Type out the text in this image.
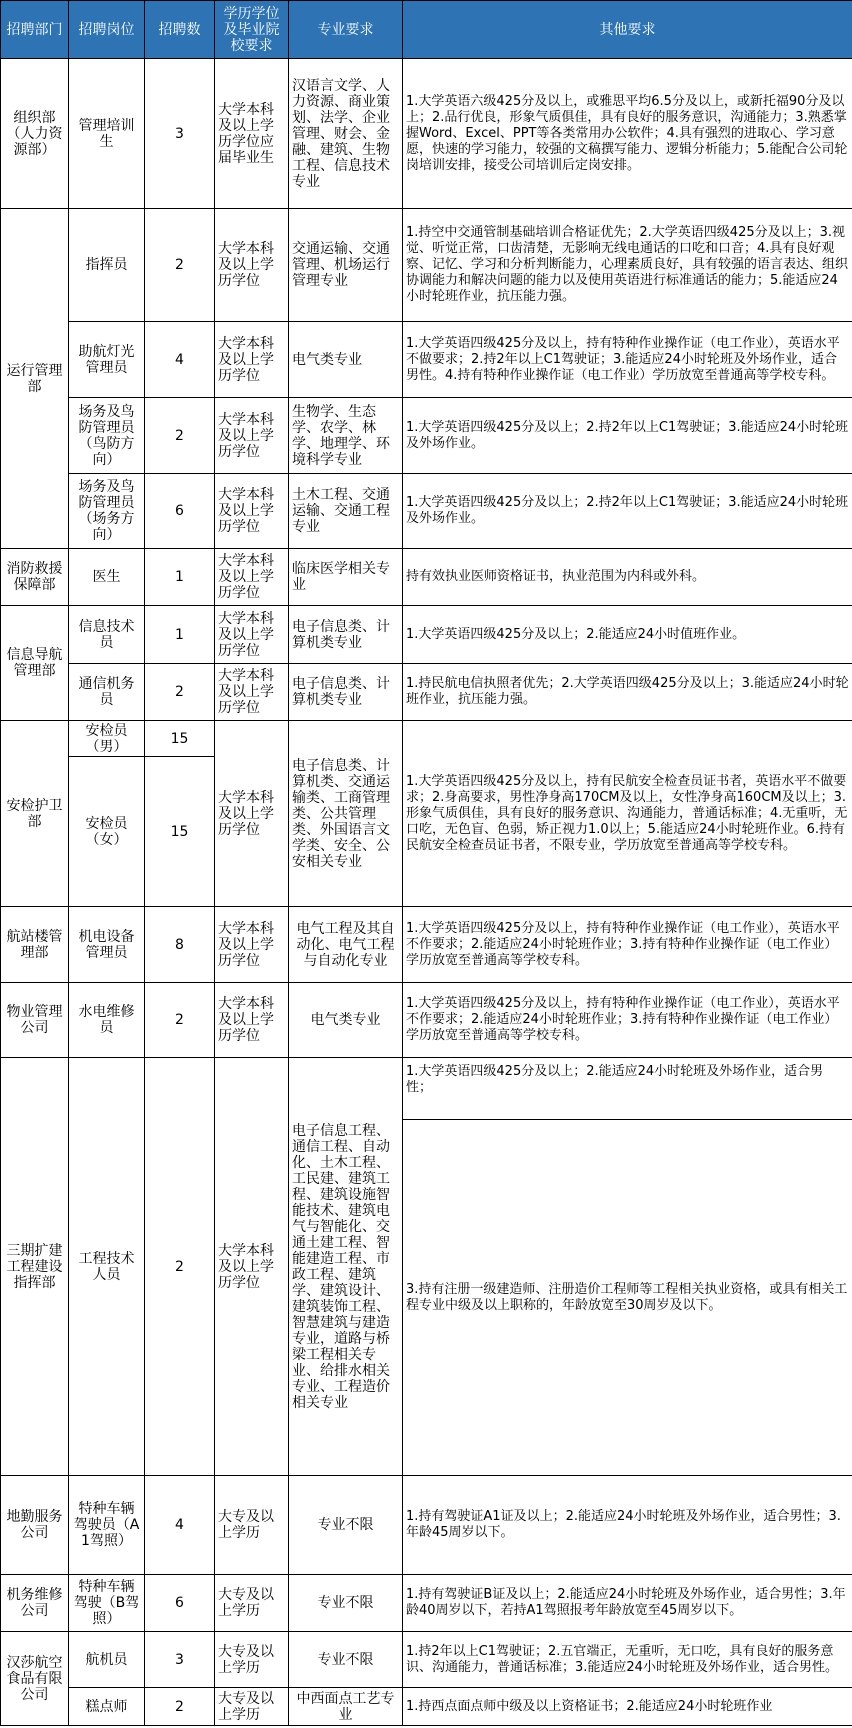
招聘部门	招聘岗位	招聘数	学历学位及毕业院校要求	专业要求	其他要求
组织部（人力资源部）	管理培训生	3	大学本科及以上学历学位应届毕业生	汉语言文学、人力资源、商业策划、法学、企业管理、财会、金融、建筑、生物工程、信息技术专业	1.大学英语六级425分及以上，或雅思平均6.5分及以上，或新托福90分及以上；2.品行优良，形象气质俱佳，具有良好的服务意识，沟通能力；3.熟悉掌握Word、Excel、PPT等各类常用办公软件；4.具有强烈的进取心、学习意愿，快速的学习能力，较强的文稿撰写能力、逻辑分析能力；5.能配合公司轮岗培训安排，接受公司培训后定岗安排。
运行管理部	指挥员	2	大学本科及以上学历学位	交通运输、交通管理、机场运行管理专业	1.持空中交通管制基础培训合格证优先；2.大学英语四级425分及以上；3.视觉、听觉正常，口齿清楚，无影响无线电通话的口吃和口音；4.具有良好观察、记忆、学习和分析判断能力，心理素质良好，具有较强的语言表达、组织协调能力和解决问题的能力以及使用英语进行标准通话的能力；5.能适应24小时轮班作业，抗压能力强。
	助航灯光管理员	4	大学本科及以上学历学位	电气类专业	1.大学英语四级425分及以上，持有特种作业操作证（电工作业），英语水平不做要求；2.持2年以上C1驾驶证；3.能适应24小时轮班及外场作业，适合男性。4.持有特种作业操作证（电工作业）学历放宽至普通高等学校专科。
	场务及鸟防管理员（鸟防方向）	2	大学本科及以上学历学位	生物学、生态学、农学、林学、地理学、环境科学专业	1.大学英语四级425分及以上；2.持2年以上C1驾驶证；3.能适应24小时轮班及外场作业。
	场务及鸟防管理员（场务方向）	6	大学本科及以上学历学位	土木工程、交通运输、交通工程专业	1.大学英语四级425分及以上；2.持2年以上C1驾驶证；3.能适应24小时轮班及外场作业。
消防救援保障部	医生	1	大学本科及以上学历学位	临床医学相关专业	持有效执业医师资格证书，执业范围为内科或外科。
信息导航管理部	信息技术员	1	大学本科及以上学历学位	电子信息类、计算机类专业	1.大学英语四级425分及以上；2.能适应24小时值班作业。
	通信机务员	2	大学本科及以上学历学位	电子信息类、计算机类专业	1.持民航电信执照者优先；2.大学英语四级425分及以上；3.能适应24小时轮班作业，抗压能力强。
安检护卫部	安检员（男）	15	大学本科及以上学历学位	电子信息类、计算机类、交通运输类、工商管理类、公共管理类、外国语言文学类、安全、公安相关专业	1.大学英语四级425分及以上，持有民航安全检查员证书者，英语水平不做要求；2.身高要求，男性净身高170CM及以上，女性净身高160CM及以上；3.形象气质俱佳，具有良好的服务意识、沟通能力，普通话标准；4.无重听，无口吃，无色盲、色弱，矫正视力1.0以上；5.能适应24小时轮班作业。6.持有民航安全检查员证书者，不限专业，学历放宽至普通高等学校专科。
	安检员（女）	15			
航站楼管理部	机电设备管理员	8	大学本科及以上学历学位	电气工程及其自动化、电气工程与自动化专业	1.大学英语四级425分及以上，持有特种作业操作证（电工作业），英语水平不作要求；2.能适应24小时轮班作业；3.持有特种作业操作证（电工作业）学历放宽至普通高等学校专科。
物业管理公司	水电维修员	2	大学本科及以上学历学位	电气类专业	1.大学英语四级425分及以上，持有特种作业操作证（电工作业），英语水平不作要求；2.能适应24小时轮班作业；3.持有特种作业操作证（电工作业）学历放宽至普通高等学校专科。
三期扩建工程建设指挥部	工程技术人员	2	大学本科及以上学历学位	电子信息工程、通信工程、自动化、土木工程、工民建、建筑工程、建筑设施智能技术、建筑电气与智能化、交通土建工程、智能建造工程、市政工程、建筑学、建筑设计、建筑装饰工程、智慧建筑与建造专业，道路与桥梁工程相关专业、给排水相关专业、工程造价相关专业	1.大学英语四级425分及以上；2.能适应24小时轮班及外场作业，适合男性；
					3.持有注册一级建造师、注册造价工程师等工程相关执业资格，或具有相关工程专业中级及以上职称的，年龄放宽至30周岁及以下。
地勤服务公司	特种车辆驾驶员（A1驾照）	4	大专及以上学历	专业不限	1.持有驾驶证A1证及以上；2.能适应24小时轮班及外场作业，适合男性；3.年龄45周岁以下。
机务维修公司	特种车辆驾驶（B驾照）	6	大专及以上学历	专业不限	1.持有驾驶证B证及以上；2.能适应24小时轮班及外场作业，适合男性；3.年龄40周岁以下，若持A1驾照报考年龄放宽至45周岁以下。
汉莎航空食品有限公司	航机员	3	大专及以上学历	专业不限	1.持2年以上C1驾驶证；2.五官端正，无重听，无口吃，具有良好的服务意识、沟通能力，普通话标准；3.能适应24小时轮班及外场作业，适合男性。
	糕点师	2	大专及以上学历	中西面点工艺专业	1.持西点面点师中级及以上资格证书；2.能适应24小时轮班作业
